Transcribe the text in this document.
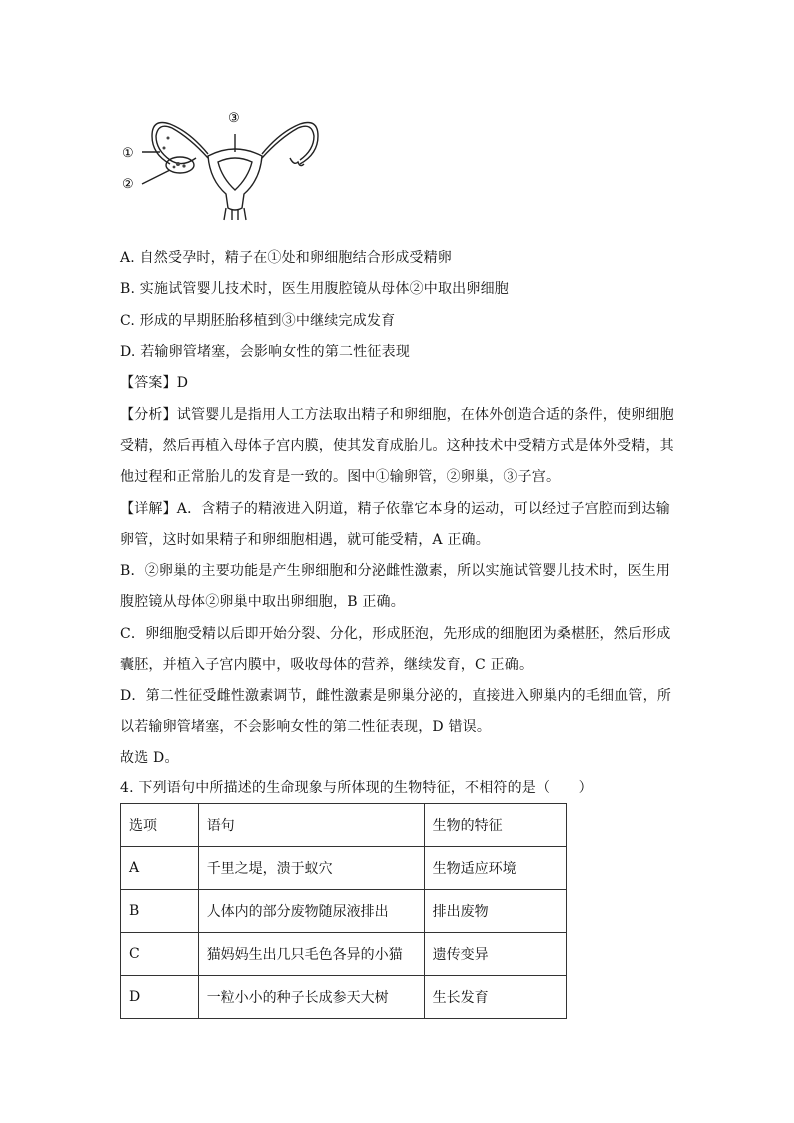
①
②
③
A. 自然受孕时，精子在①处和卵细胞结合形成受精卵
B. 实施试管婴儿技术时，医生用腹腔镜从母体②中取出卵细胞
C. 形成的早期胚胎移植到③中继续完成发育
D. 若输卵管堵塞，会影响女性的第二性征表现
【答案】D
【分析】试管婴儿是指用人工方法取出精子和卵细胞，在体外创造合适的条件，使卵细胞
受精，然后再植入母体子宫内膜，使其发育成胎儿。这种技术中受精方式是体外受精，其
他过程和正常胎儿的发育是一致的。图中①输卵管，②卵巢，③子宫。
【详解】A．含精子的精液进入阴道，精子依靠它本身的运动，可以经过子宫腔而到达输
卵管，这时如果精子和卵细胞相遇，就可能受精，A 正确。
B．②卵巢的主要功能是产生卵细胞和分泌雌性激素，所以实施试管婴儿技术时，医生用
腹腔镜从母体②卵巢中取出卵细胞，B 正确。
C．卵细胞受精以后即开始分裂、分化，形成胚泡，先形成的细胞团为桑椹胚，然后形成
囊胚，并植入子宫内膜中，吸收母体的营养，继续发育，C 正确。
D．第二性征受雌性激素调节，雌性激素是卵巢分泌的，直接进入卵巢内的毛细血管，所
以若输卵管堵塞，不会影响女性的第二性征表现，D 错误。
故选 D。
4. 下列语句中所描述的生命现象与所体现的生物特征，不相符的是（　　）
选项	语句	生物的特征
A	千里之堤，溃于蚁穴	生物适应环境
B	人体内的部分废物随尿液排出	排出废物
C	猫妈妈生出几只毛色各异的小猫	遗传变异
D	一粒小小的种子长成参天大树	生长发育
